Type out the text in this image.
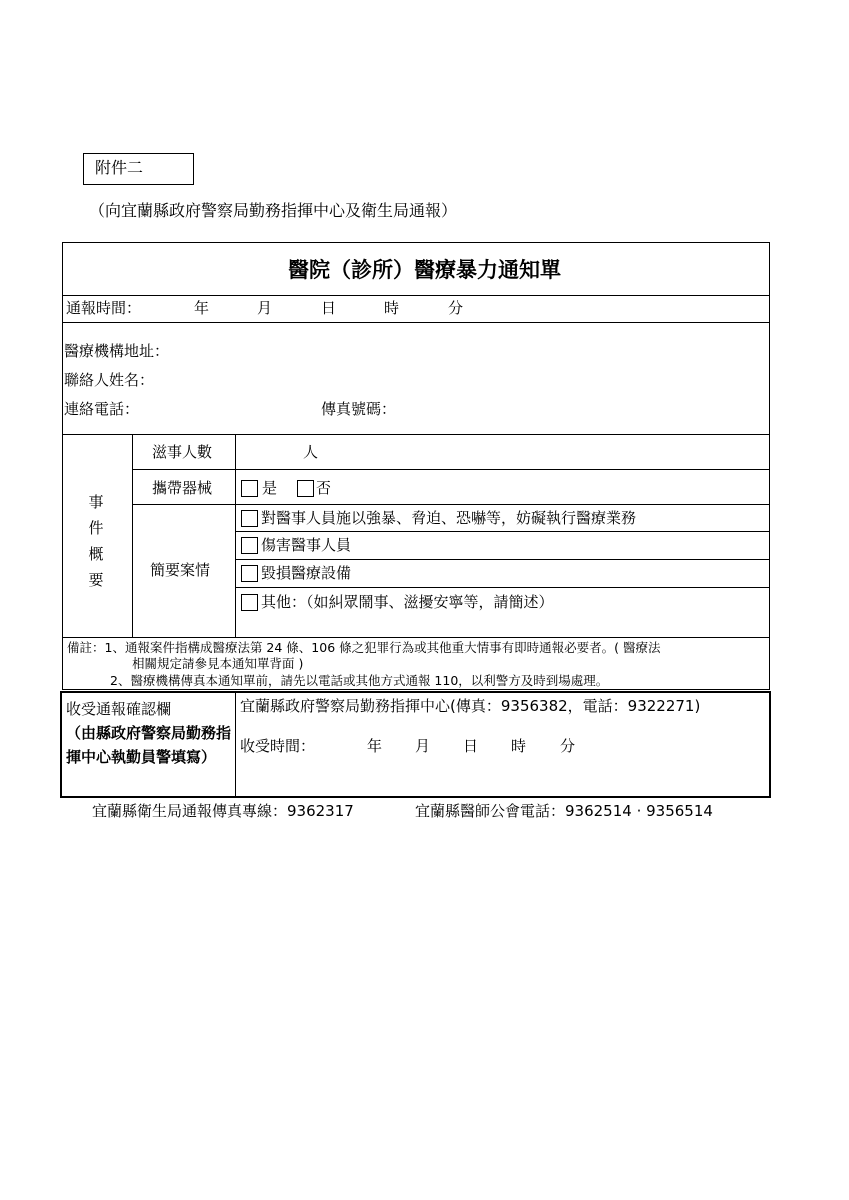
附件二
（向宜蘭縣政府警察局勤務指揮中心及衛生局通報）
醫院（診所）醫療暴力通知單
通報時間：	年	月	日	時	分
醫療機構地址：
聯絡人姓名：
連絡電話：	傳真號碼：
事
件
概
要
滋事人數	人
攜帶器械	是	否
簡要案情
對醫事人員施以強暴、脅迫、恐嚇等，妨礙執行醫療業務
傷害醫事人員
毀損醫療設備
其他：（如糾眾鬧事、滋擾安寧等，請簡述）
備註：1、通報案件指構成醫療法第 24 條、106 條之犯罪行為或其他重大情事有即時通報必要者。( 醫療法
相關規定請參見本通知單背面 )
2、醫療機構傳真本通知單前，請先以電話或其他方式通報 110，以利警方及時到場處理。
收受通報確認欄
（由縣政府警察局勤務指揮中心執勤員警填寫）
宜蘭縣政府警察局勤務指揮中心(傳真：9356382，電話：9322271)
收受時間：	年 月 日 時 分
宜蘭縣衛生局通報傳真專線：9362317	宜蘭縣醫師公會電話：9362514 · 9356514
